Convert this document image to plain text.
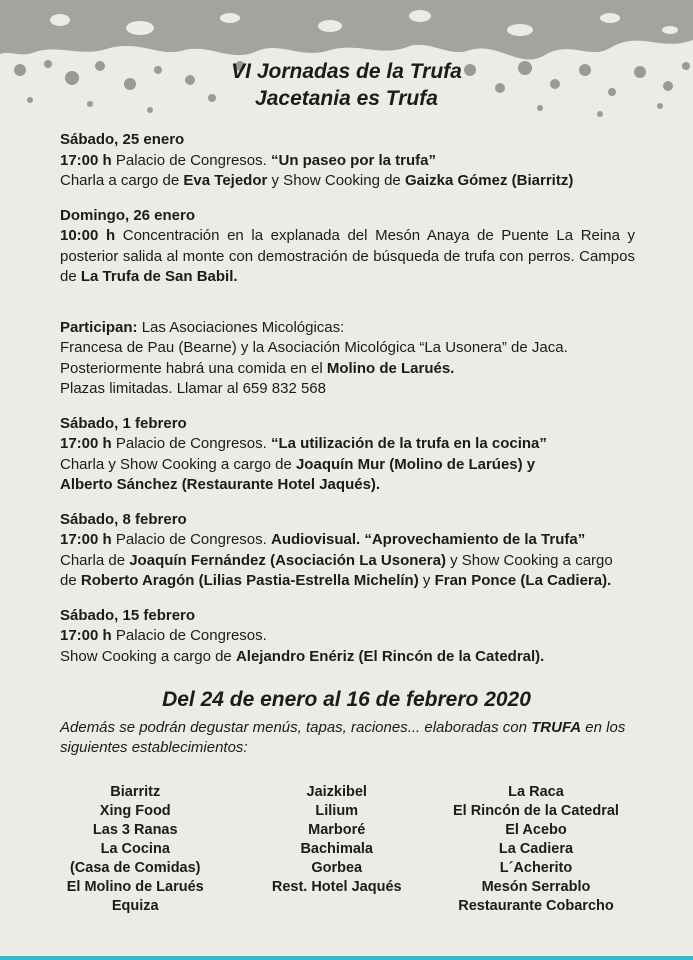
VI Jornadas de la Trufa
Jacetania es Trufa

Sábado, 25 enero

17:00 h Palacio de Congresos. “Un paseo por la trufa”

Charla a cargo de Eva Tejedor y Show Cooking de Gaizka Gómez (Biarritz)

Domingo, 26 enero

10:00 h Concentración en la explanada del Mesón Anaya de Puente La Reina y posterior salida al monte con demostración de búsqueda de trufa con perros. Campos de La Trufa de San Babil.

Participan: Las Asociaciones Micológicas:

Francesa de Pau (Bearne) y la Asociación Micológica “La Usonera” de Jaca.

Posteriormente habrá una comida en el Molino de Larués.

Plazas limitadas. Llamar al 659 832 568

Sábado, 1 febrero

17:00 h Palacio de Congresos. “La utilización de la trufa en la cocina”

Charla y Show Cooking a cargo de Joaquín Mur (Molino de Larúes) y

Alberto Sánchez (Restaurante Hotel Jaqués).

Sábado, 8 febrero

17:00 h Palacio de Congresos. Audiovisual. “Aprovechamiento de la Trufa”

Charla de Joaquín Fernández (Asociación La Usonera) y Show Cooking a cargo

de Roberto Aragón (Lilias Pastia-Estrella Michelín) y Fran Ponce (La Cadiera).

Sábado, 15 febrero

17:00 h Palacio de Congresos.

Show Cooking a cargo de Alejandro Enériz (El Rincón de la Catedral).

Del 24 de enero al 16 de febrero 2020
Además se podrán degustar menús, tapas, raciones... elaboradas con TRUFA en los siguientes establecimientos:
Biarritz
Xing Food
Las 3 Ranas
La Cocina
(Casa de Comidas)
El Molino de Larués
Equiza
Jaizkibel
Lilium
Marboré
Bachimala
Gorbea
Rest. Hotel Jaqués
La Raca
El Rincón de la Catedral
El Acebo
La Cadiera
L´Acherito
Mesón Serrablo
Restaurante Cobarcho
